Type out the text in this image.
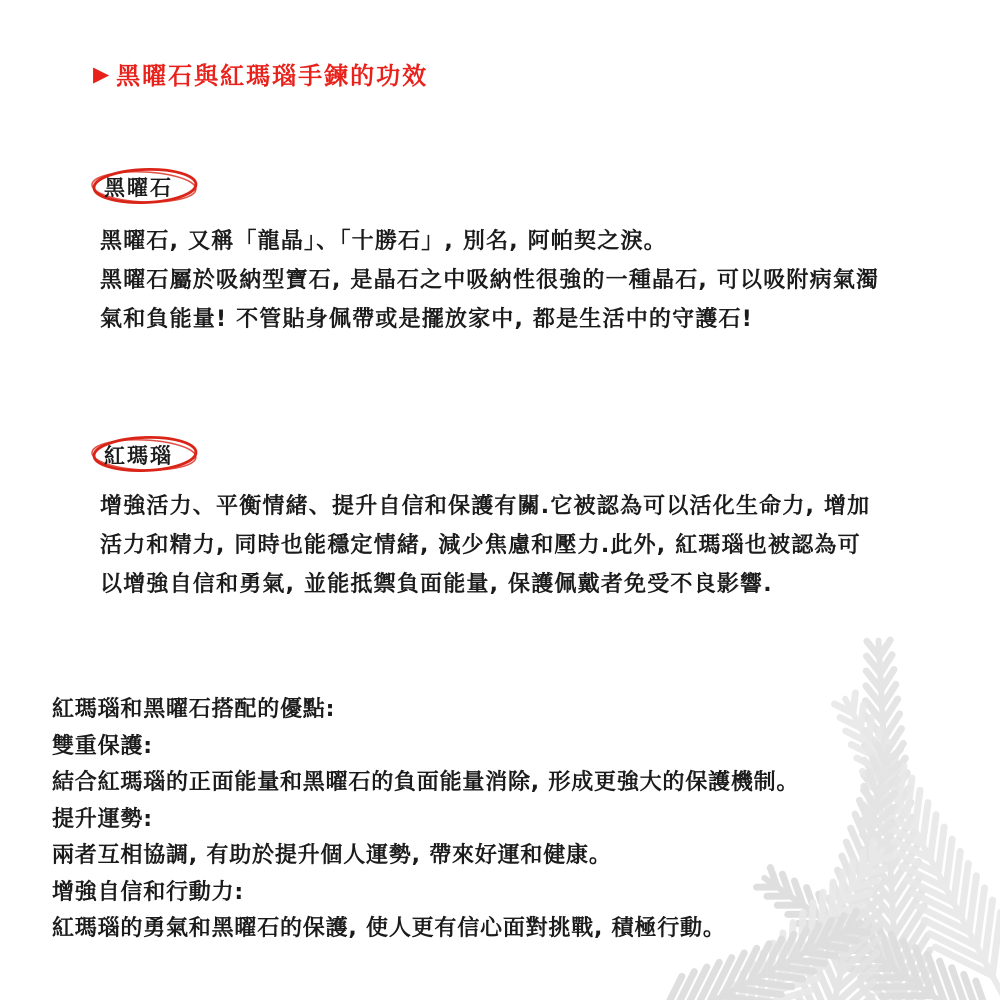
▶ 黑曜石與紅瑪瑙手鍊的功效
黑曜石
黑曜石, 又稱「龍晶」、「十勝石」, 別名, 阿帕契之淚。
黑曜石屬於吸納型寶石, 是晶石之中吸納性很強的一種晶石, 可以吸附病氣濁
氣和負能量! 不管貼身佩帶或是擺放家中, 都是生活中的守護石!
紅瑪瑙
增強活力、平衡情緒、提升自信和保護有關.它被認為可以活化生命力, 增加
活力和精力, 同時也能穩定情緒, 減少焦慮和壓力.此外, 紅瑪瑙也被認為可
以增強自信和勇氣, 並能抵禦負面能量, 保護佩戴者免受不良影響.
紅瑪瑙和黑曜石搭配的優點:
雙重保護:
結合紅瑪瑙的正面能量和黑曜石的負面能量消除, 形成更強大的保護機制。
提升運勢:
兩者互相協調, 有助於提升個人運勢, 帶來好運和健康。
增強自信和行動力:
紅瑪瑙的勇氣和黑曜石的保護, 使人更有信心面對挑戰, 積極行動。
